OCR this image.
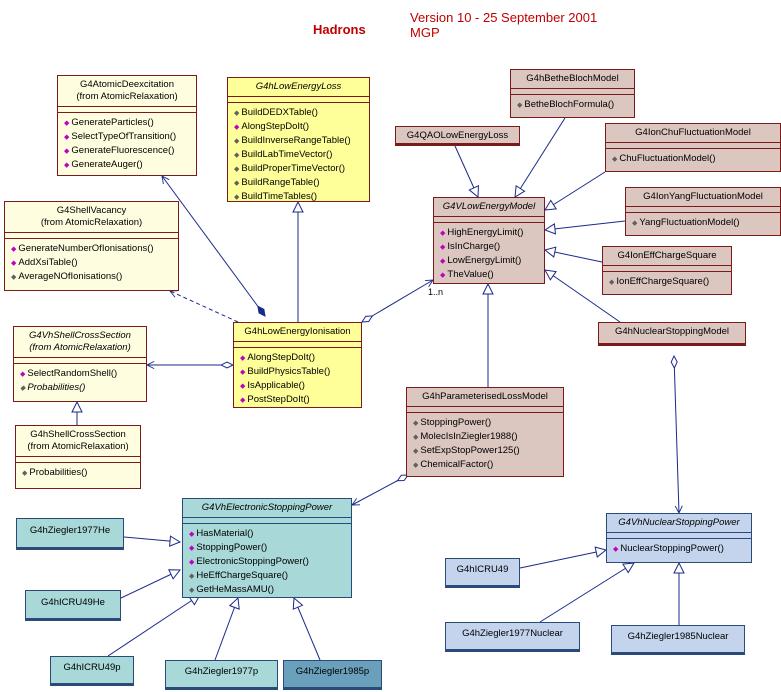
Hadrons
Version 10 - 25 September 2001
MGP
1..n
G4AtomicDeexcitation
(from AtomicRelaxation)
◆ GenerateParticles()
◆ SelectTypeOfTransition()
◆ GenerateFluorescence()
◆ GenerateAuger()
G4hLowEnergyLoss
◆ BuildDEDXTable()
◆ AlongStepDoIt()
◆ BuildInverseRangeTable()
◆ BuildLabTimeVector()
◆ BuildProperTimeVector()
◆ BuildRangeTable()
◆ BuildTimeTables()
G4hBetheBlochModel
◆ BetheBlochFormula()
G4QAOLowEnergyLoss	G4IonChuFluctuationModel
◆ ChuFluctuationModel()
G4ShellVacancy
(from AtomicRelaxation)
◆ GenerateNumberOfIonisations()
◆ AddXsiTable()
◆ AverageNOfIonisations()
G4VLowEnergyModel
◆ HighEnergyLimit()
◆ IsInCharge()
◆ LowEnergyLimit()
◆ TheValue()
G4IonYangFluctuationModel
◆ YangFluctuationModel()
G4IonEffChargeSquare
◆ IonEffChargeSquare()
G4VhShellCrossSection
(from AtomicRelaxation)
◆ SelectRandomShell()
◆ Probabilities()
G4hLowEnergyIonisation
◆ AlongStepDoIt()
◆ BuildPhysicsTable()
◆ IsApplicable()
◆ PostStepDoIt()
G4hNuclearStoppingModel
G4hShellCrossSection
(from AtomicRelaxation)
◆ Probabilities()
G4hParameterisedLossModel
◆ StoppingPower()
◆ MolecIsInZiegler1988()
◆ SetExpStopPower125()
◆ ChemicalFactor()
G4VhElectronicStoppingPower
◆ HasMaterial()
◆ StoppingPower()
◆ ElectronicStoppingPower()
◆ HeEffChargeSquare()
◆ GetHeMassAMU()
G4hZiegler1977He
G4hICRU49He
G4hICRU49p	G4hZiegler1977p	G4hZiegler1985p
G4VhNuclearStoppingPower
◆ NuclearStoppingPower()
G4hICRU49
G4hZiegler1977Nuclear	G4hZiegler1985Nuclear
